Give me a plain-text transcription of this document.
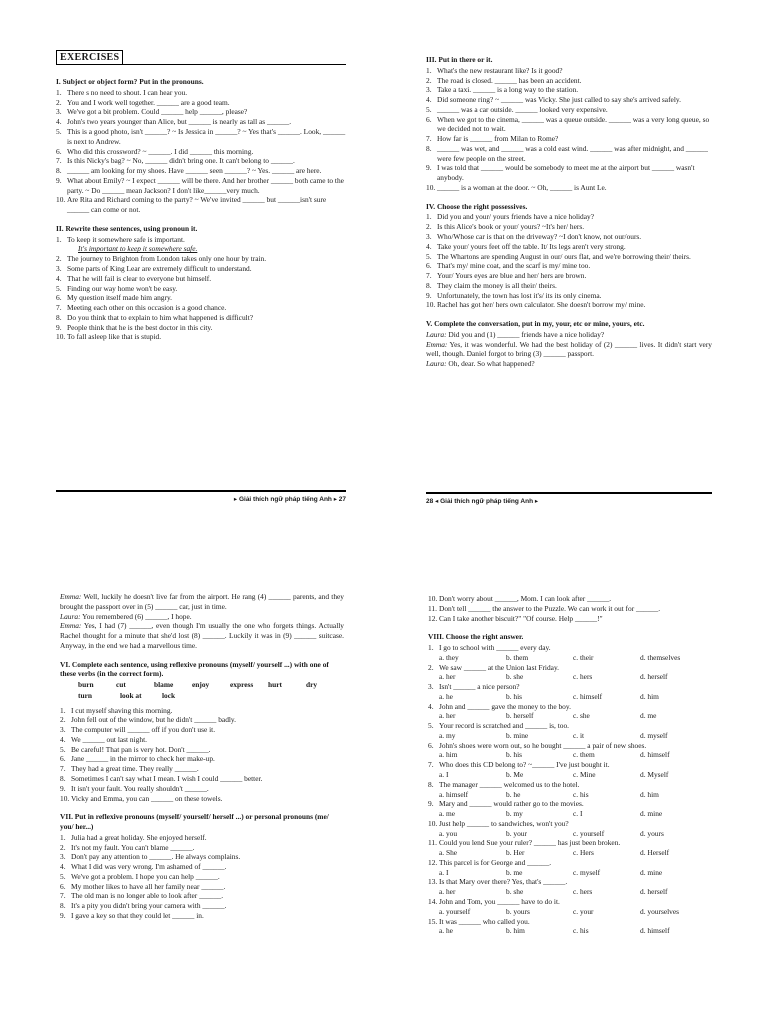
EXERCISES
I. Subject or object form? Put in the pronouns.
1. There s no need to shout. I can hear you.
2. You and I work well together. ______ are a good team.
3. We've got a bit problem. Could ______ help ______, please?
4. John's two years younger than Alice, but ______ is nearly as tall as ______.
5. This is a good photo, isn't ______? ~ Is Jessica in ______? ~ Yes that's ______. Look, ______ is next to Andrew.
6. Who did this crossword? ~ ______. I did ______ this morning.
7. Is this Nicky's bag? ~ No, ______ didn't bring one. It can't belong to ______.
8. ______ am looking for my shoes. Have ______ seen ______? ~ Yes. ______ are here.
9. What about Emily? ~ I expect ______ will be there. And her brother ______ both came to the party. ~ Do ______ mean Jackson? I don't like______very much.
10. Are Rita and Richard coming to the party? ~ We've invited ______ but ______isn't sure ______ can come or not.
II. Rewrite these sentences, using pronoun it.
1. To keep it somewhere safe is important.
It's important to keep it somewhere safe.
2. The journey to Brighton from London takes only one hour by train.
3. Some parts of King Lear are extremely difficult to understand.
4. That he will fail is clear to everyone but himself.
5. Finding our way home won't be easy.
6. My question itself made him angry.
7. Meeting each other on this occasion is a good chance.
8. Do you think that to explain to him what happened is difficult?
9. People think that he is the best doctor in this city.
10. To fall asleep like that is stupid.
▸ Giải thích ngữ pháp tiếng Anh ▸ 27
III. Put in there or it.
1. What's the new restaurant like? Is it good?
2. The road is closed. ______ has been an accident.
3. Take a taxi. ______ is a long way to the station.
4. Did someone ring? ~ ______ was Vicky. She just called to say she's arrived safely.
5. ______ was a car outside. ______ looked very expensive.
6. When we got to the cinema, ______ was a queue outside. ______ was a very long queue, so we decided not to wait.
7. How far is ______ from Milan to Rome?
8. ______ was wet, and ______ was a cold east wind. ______ was after midnight, and ______ were few people on the street.
9. I was told that ______ would be somebody to meet me at the airport but ______ wasn't anybody.
10. ______ is a woman at the door. ~ Oh, ______ is Aunt Le.
IV. Choose the right possessives.
1. Did you and your/ yours friends have a nice holiday?
2. Is this Alice's book or your/ yours? ~It's her/ hers.
3. Who/Whose car is that on the driveway? ~I don't know, not our/ours.
4. Take your/ yours feet off the table. It/ Its legs aren't very strong.
5. The Whartons are spending August in our/ ours flat, and we're borrowing their/ theirs.
6. That's my/ mine coat, and the scarf is my/ mine too.
7. Your/ Yours eyes are blue and her/ hers are brown.
8. They claim the money is all their/ theirs.
9. Unfortunately, the town has lost it's/ its its only cinema.
10. Rachel has got her/ hers own calculator. She doesn't borrow my/ mine.
V. Complete the conversation, put in my, your, etc or mine, yours, etc.
Laura: Did you and (1) ______ friends have a nice holiday?
Emma: Yes, it was wonderful. We had the best holiday of (2) ______ lives. It didn't start very well, though. Daniel forgot to bring (3) ______ passport.
Laura: Oh, dear. So what happened?
28 ◂ Giải thích ngữ pháp tiếng Anh ▸
Emma: Well, luckily he doesn't live far from the airport. He rang (4) ______ parents, and they brought the passport over in (5) ______ car, just in time.
Laura: You remembered (6) ______, I hope.
Emma: Yes, I had (7) ______, even though I'm usually the one who forgets things. Actually Rachel thought for a minute that she'd lost (8) ______. Luckily it was in (9) ______ suitcase. Anyway, in the end we had a marvellous time.
VI. Complete each sentence, using reflexive pronouns (myself/ yourself ...) with one of these verbs (in the correct form).
burn	cut	blame	enjoy	express	hurt	dry
turn	look at	lock
1. I cut myself shaving this morning.
2. John fell out of the window, but he didn't ______ badly.
3. The computer will ______ off if you don't use it.
4. We ______ out last night.
5. Be careful! That pan is very hot. Don't ______.
6. Jane ______ in the mirror to check her make-up.
7. They had a great time. They really ______.
8. Sometimes I can't say what I mean. I wish I could ______ better.
9. It isn't your fault. You really shouldn't ______.
10. Vicky and Emma, you can ______ on these towels.
VII. Put in reflexive pronouns (myself/ yourself/ herself ...) or personal pronouns (me/ you/ her...)
1. Julia had a great holiday. She enjoyed herself.
2. It's not my fault. You can't blame ______.
3. Don't pay any attention to ______. He always complains.
4. What I did was very wrong. I'm ashamed of ______.
5. We've got a problem. I hope you can help ______.
6. My mother likes to have all her family near ______.
7. The old man is no longer able to look after ______.
8. It's a pity you didn't bring your camera with ______.
9. I gave a key so that they could let ______ in.
10. Don't worry about ______, Mom. I can look after ______.
11. Don't tell ______ the answer to the Puzzle. We can work it out for ______.
12. Can I take another biscuit?" "Of course. Help ______!"
VIII. Choose the right answer.
1. I go to school with ______ every day.
a. they	b. them	c. their	d. themselves
2. We saw ______ at the Union last Friday.
a. her	b. she	c. hers	d. herself
3. Isn't ______ a nice person?
a. he	b. his	c. himself	d. him
4. John and ______ gave the money to the boy.
a. her	b. herself	c. she	d. me
5. Your record is scratched and ______ is, too.
a. my	b. mine	c. it	d. myself
6. John's shoes were worn out, so he bought ______ a pair of new shoes.
a. him	b. his	c. them	d. himself
7. Who does this CD belong to? ~______ I've just bought it.
a. I	b. Me	c. Mine	d. Myself
8. The manager ______ welcomed us to the hotel.
a. himself	b. he	c. his	d. him
9. Mary and ______ would rather go to the movies.
a. me	b. my	c. I	d. mine
10. Just help ______ to sandwiches, won't you?
a. you	b. your	c. yourself	d. yours
11. Could you lend Sue your ruler? ______ has just been broken.
a. She	b. Her	c. Hers	d. Herself
12. This parcel is for George and ______.
a. I	b. me	c. myself	d. mine
13. Is that Mary over there? Yes, that's ______.
a. her	b. she	c. hers	d. herself
14. John and Tom, you ______ have to do it.
a. yourself	b. yours	c. your	d. yourselves
15. It was ______ who called you.
a. he	b. him	c. his	d. himself
